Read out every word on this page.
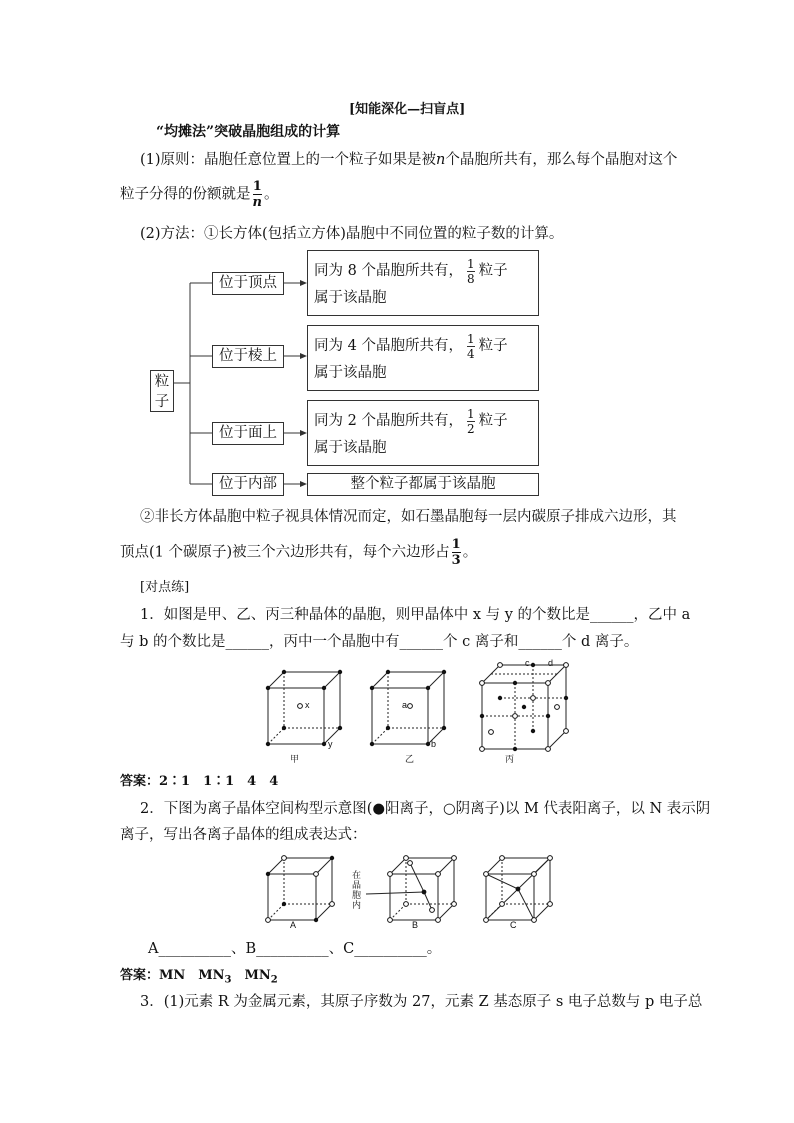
[知能深化—扫盲点]
“均摊法”突破晶胞组成的计算
(1)原则：晶胞任意位置上的一个粒子如果是被n个晶胞所共有，那么每个晶胞对这个
粒子分得的份额就是 $\frac{1}{n}$ 。
(2)方法：①长方体(包括立方体)晶胞中不同位置的粒子数的计算。
粒
子
位于顶点
位于棱上
位于面上
位于内部
同为 8 个晶胞所共有， $\frac{1}{8}$ 粒子
属于该晶胞
同为 4 个晶胞所共有， $\frac{1}{4}$ 粒子
属于该晶胞
同为 2 个晶胞所共有， $\frac{1}{2}$ 粒子
属于该晶胞
整个粒子都属于该晶胞
②非长方体晶胞中粒子视具体情况而定，如石墨晶胞每一层内碳原子排成六边形，其
顶点(1 个碳原子)被三个六边形共有，每个六边形占 $\frac{1}{3}$ 。
[对点练]
1．如图是甲、乙、丙三种晶体的晶胞，则甲晶体中 x 与 y 的个数比是______，乙中 a
与 b 的个数比是______，丙中一个晶胞中有______个 c 离子和______个 d 离子。
x
y
a
b
c d
甲	乙	丙
答案：2∶1　1∶1　4　4
2．下图为离子晶体空间构型示意图(●阳离子，○阴离子)以 M 代表阳离子，以 N 表示阴
离子，写出各离子晶体的组成表达式：
在
晶
胞
内
A	B	C
A__________、B__________、C__________。
答案：MN　$MN_3$　$MN_2$
3．(1)元素 R 为金属元素，其原子序数为 27，元素 Z 基态原子 s 电子总数与 p 电子总
